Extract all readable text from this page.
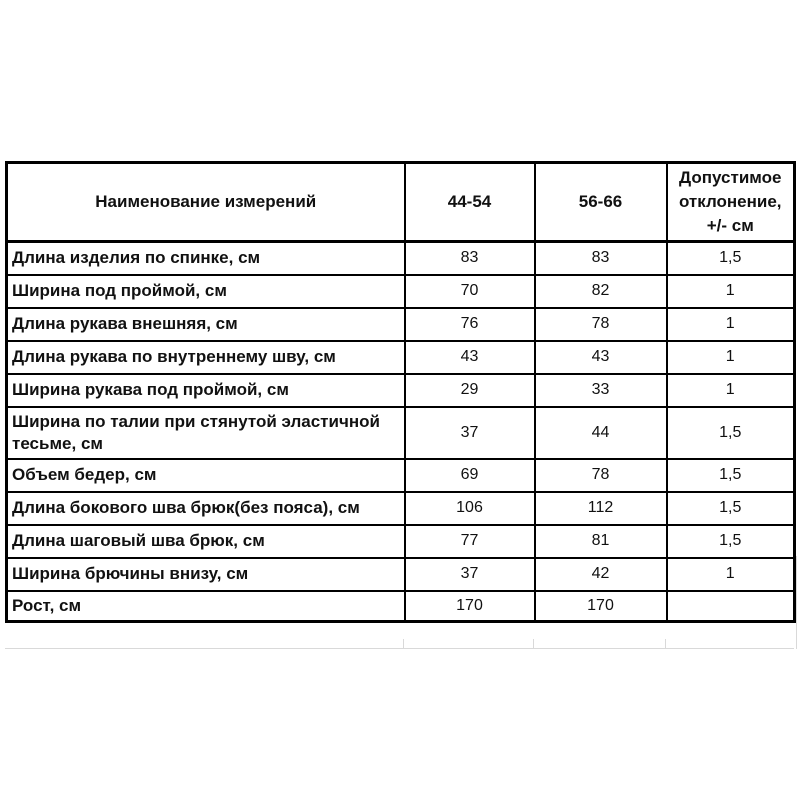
Наименование измерений	44-54	56-66	Допустимое отклонение, +/- см
Длина изделия по спинке, см	83	83	1,5
Ширина под проймой, см	70	82	1
Длина рукава внешняя, см	76	78	1
Длина рукава по внутреннему шву, см	43	43	1
Ширина рукава под проймой, см	29	33	1
Ширина по талии при стянутой эластичной тесьме, см	37	44	1,5
Объем бедер, см	69	78	1,5
Длина бокового шва брюк(без пояса), см	106	112	1,5
Длина шаговый шва брюк, см	77	81	1,5
Ширина брючины внизу, см	37	42	1
Рост, см	170	170	
